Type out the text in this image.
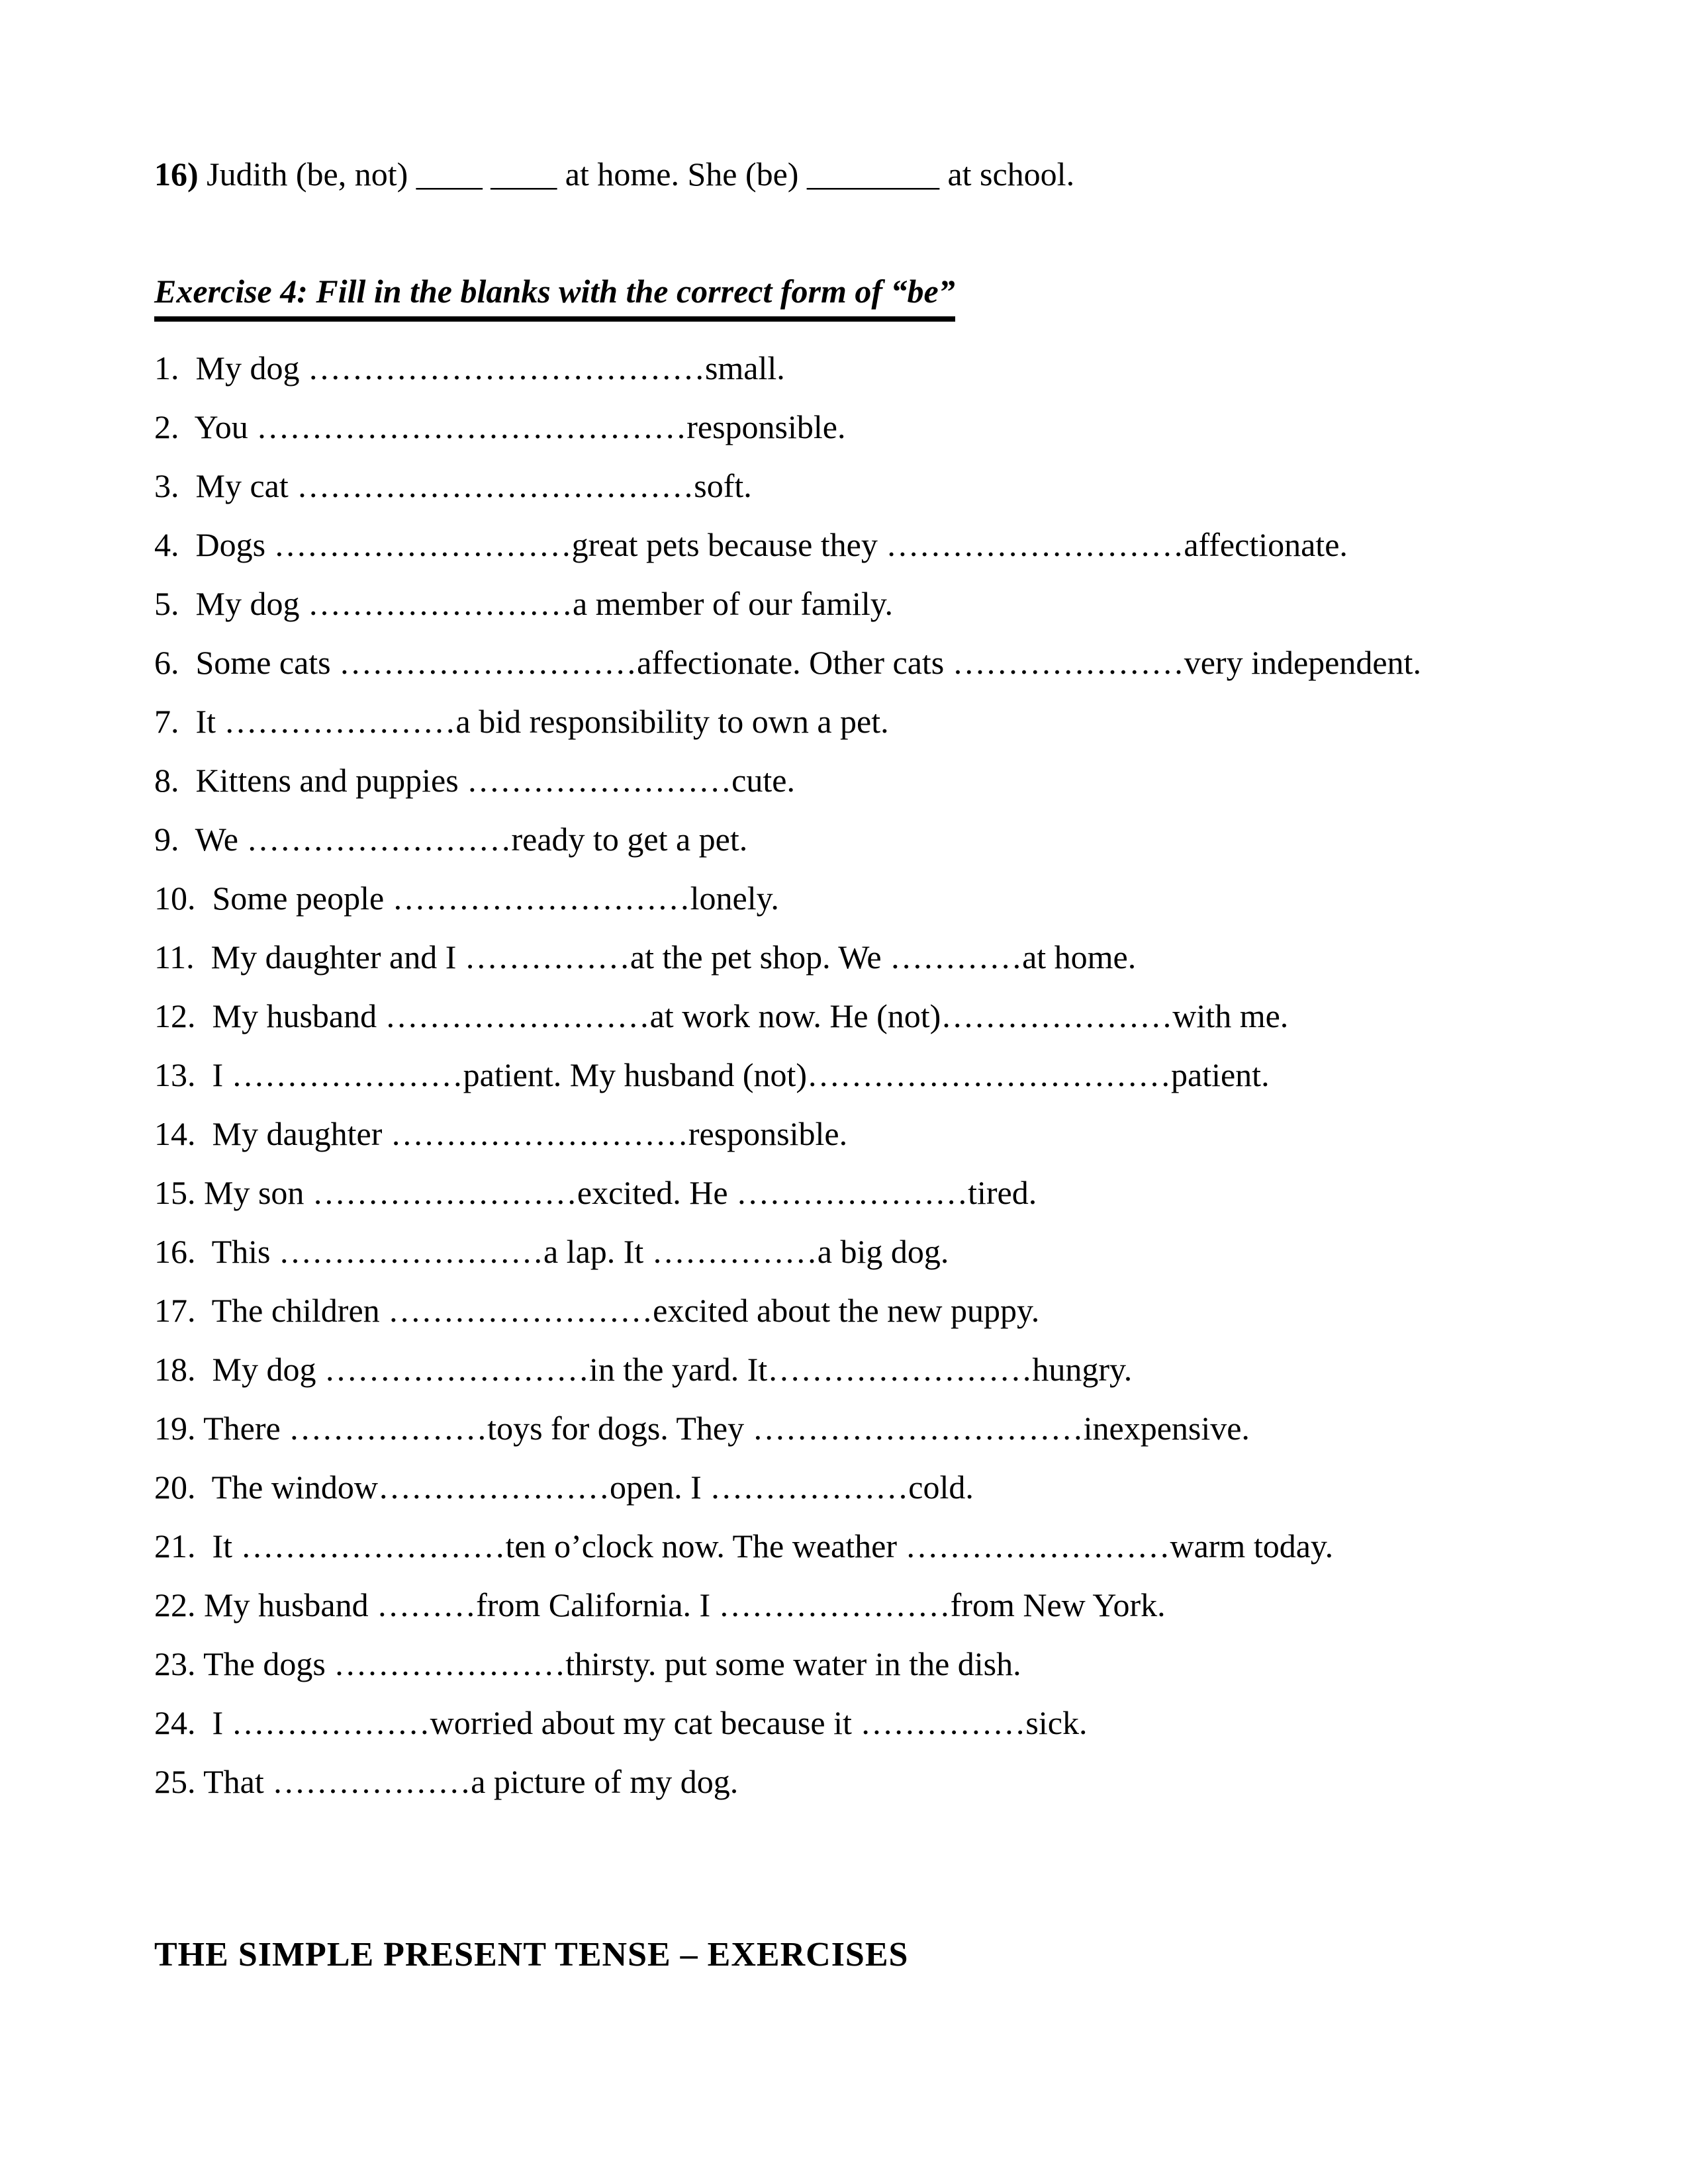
16) Judith (be, not) ____ ____ at home. She (be) ________ at school.

Exercise 4: Fill in the blanks with the correct form of “be”
1.  My dog ………………………………small.
2.  You …………………………………responsible.
3.  My cat ………………………………soft.
4.  Dogs ………………………great pets because they ………………………affectionate.
5.  My dog ……………………a member of our family.
6.  Some cats ………………………affectionate. Other cats …………………very independent.
7.  It …………………a bid responsibility to own a pet.
8.  Kittens and puppies ……………………cute.
9.  We ……………………ready to get a pet.
10.  Some people ………………………lonely.
11.  My daughter and I ……………at the pet shop. We …………at home.
12.  My husband ……………………at work now. He (not)…………………with me.
13.  I …………………patient. My husband (not)……………………………patient.
14.  My daughter ………………………responsible.
15. My son ……………………excited. He …………………tired.
16.  This ……………………a lap. It ……………a big dog.
17.  The children ……………………excited about the new puppy.
18.  My dog ……………………in the yard. It……………………hungry.
19. There ………………toys for dogs. They …………………………inexpensive.
20.  The window…………………open. I ………………cold.
21.  It ……………………ten o’clock now. The weather ……………………warm today.
22. My husband ………from California. I …………………from New York.
23. The dogs …………………thirsty. put some water in the dish.
24.  I ………………worried about my cat because it ……………sick.
25. That ………………a picture of my dog.
THE SIMPLE PRESENT TENSE – EXERCISES
